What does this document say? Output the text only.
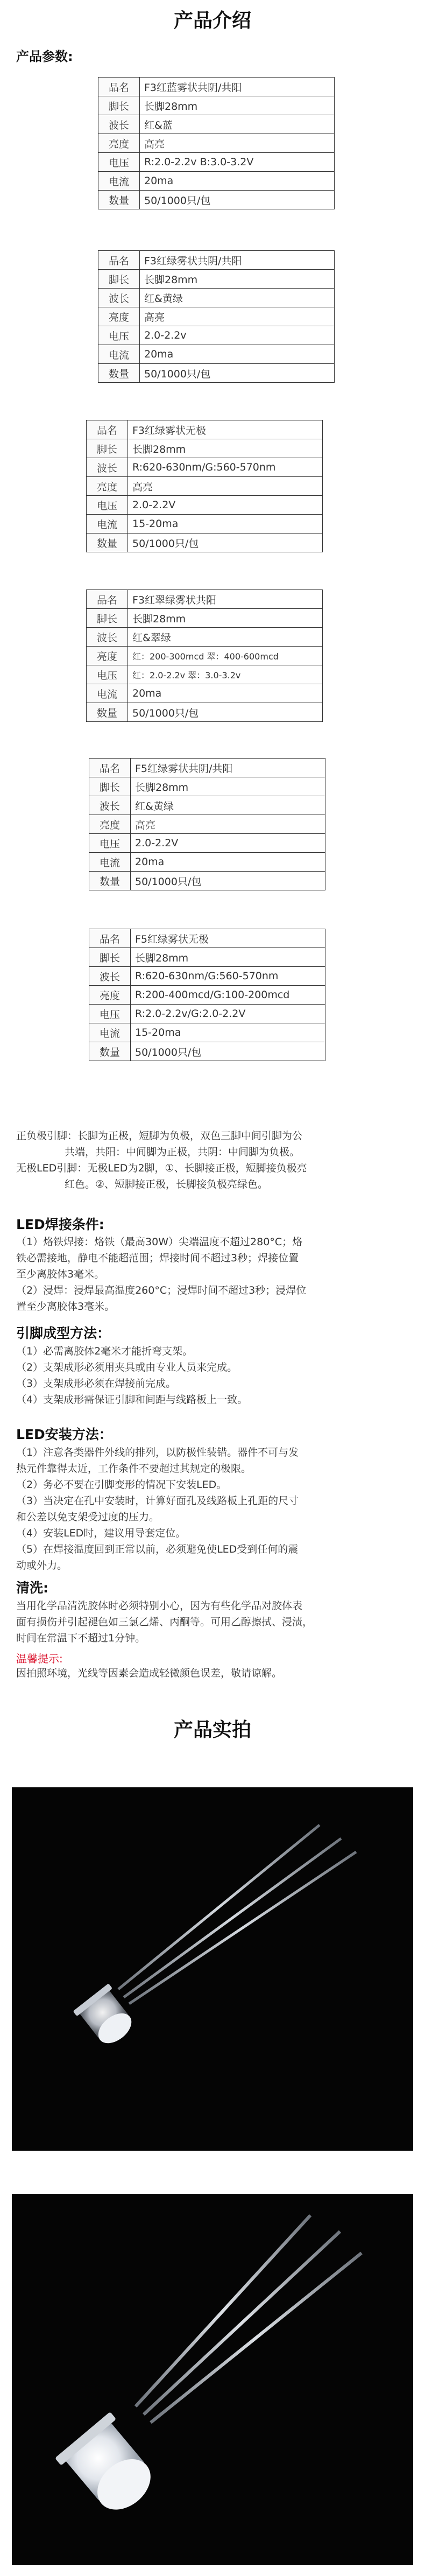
产品介绍
产品参数:
品名	F3红蓝雾状共阴/共阳
脚长	长脚28mm
波长	红&蓝
亮度	高亮
电压	R:2.0-2.2v B:3.0-3.2V
电流	20ma
数量	50/1000只/包
品名	F3红绿雾状共阴/共阳
脚长	长脚28mm
波长	红&黄绿
亮度	高亮
电压	2.0-2.2v
电流	20ma
数量	50/1000只/包
品名	F3红绿雾状无极
脚长	长脚28mm
波长	R:620-630nm/G:560-570nm
亮度	高亮
电压	2.0-2.2V
电流	15-20ma
数量	50/1000只/包
品名	F3红翠绿雾状共阳
脚长	长脚28mm
波长	红&翠绿
亮度	红：200-300mcd 翠：400-600mcd
电压	红：2.0-2.2v 翠：3.0-3.2v
电流	20ma
数量	50/1000只/包
品名	F5红绿雾状共阴/共阳
脚长	长脚28mm
波长	红&黄绿
亮度	高亮
电压	2.0-2.2V
电流	20ma
数量	50/1000只/包
品名	F5红绿雾状无极
脚长	长脚28mm
波长	R:620-630nm/G:560-570nm
亮度	R:200-400mcd/G:100-200mcd
电压	R:2.0-2.2v/G:2.0-2.2V
电流	15-20ma
数量	50/1000只/包
正负极引脚：长脚为正极，短脚为负极，双色三脚中间引脚为公
共端，共阳：中间脚为正极，共阴：中间脚为负极。
无极LED引脚：无极LED为2脚，①、长脚接正极，短脚接负极亮
红色。②、短脚接正极，长脚接负极亮绿色。
LED焊接条件:
（1）烙铁焊接：烙铁（最高30W）尖端温度不超过280°C；烙
铁必需接地，静电不能超范围；焊接时间不超过3秒；焊接位置
至少离胶体3毫米。
（2）浸焊：浸焊最高温度260°C；浸焊时间不超过3秒；浸焊位
置至少离胶体3毫米。
引脚成型方法：
（1）必需离胶体2毫米才能折弯支架。
（2）支架成形必须用夹具或由专业人员来完成。
（3）支架成形必须在焊接前完成。
（4）支架成形需保证引脚和间距与线路板上一致。
LED安装方法：
（1）注意各类器件外线的排列，以防极性装错。器件不可与发
热元件靠得太近，工作条件不要超过其规定的极限。
（2）务必不要在引脚变形的情况下安装LED。
（3）当决定在孔中安装时，计算好面孔及线路板上孔距的尺寸
和公差以免支架受过度的压力。
（4）安装LED时，建议用导套定位。
（5）在焊接温度回到正常以前，必须避免使LED受到任何的震
动或外力。
清洗:
当用化学品清洗胶体时必须特别小心，因为有些化学品对胶体表
面有损伤并引起褪色如三氯乙烯、丙酮等。可用乙醇擦拭、浸渍，
时间在常温下不超过1分钟。
温馨提示:
因拍照环境，光线等因素会造成轻微颜色误差，敬请谅解。
产品实拍
